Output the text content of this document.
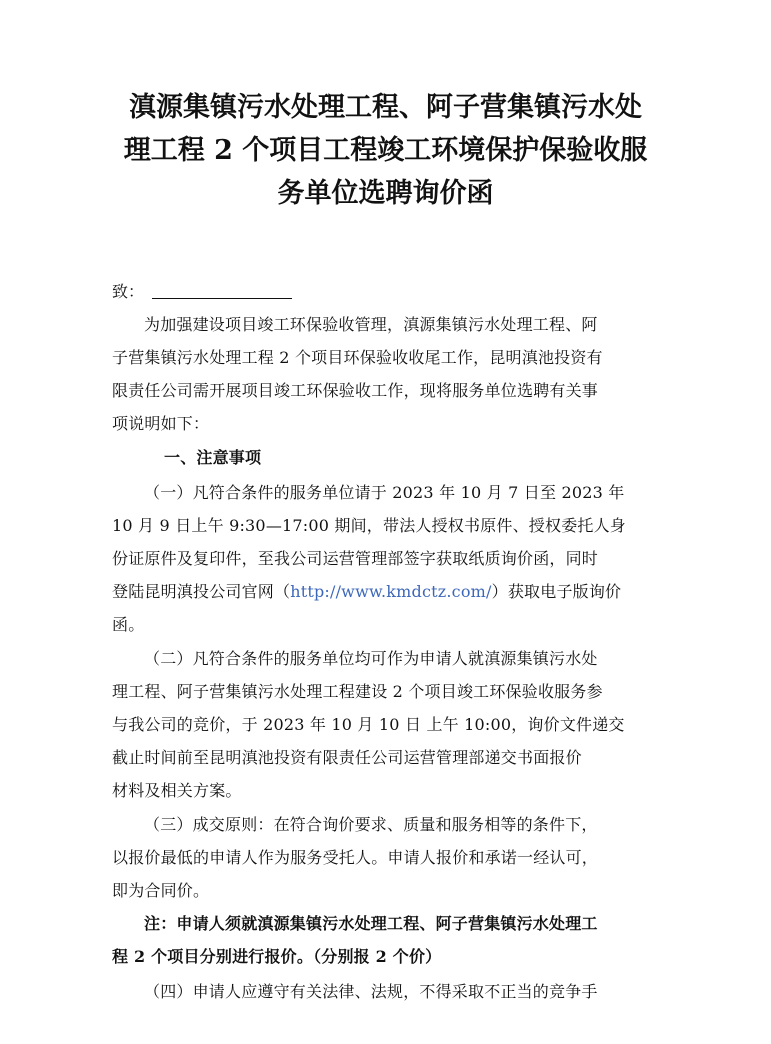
滇源集镇污水处理工程、阿子营集镇污水处
理工程 2 个项目工程竣工环境保护保验收服
务单位选聘询价函
致：
为加强建设项目竣工环保验收管理，滇源集镇污水处理工程、阿
子营集镇污水处理工程 2 个项目环保验收收尾工作，昆明滇池投资有
限责任公司需开展项目竣工环保验收工作，现将服务单位选聘有关事
项说明如下：
一、注意事项
（一）凡符合条件的服务单位请于 2023 年 10 月 7 日至 2023 年
10 月 9 日上午 9:30—17:00 期间，带法人授权书原件、授权委托人身
份证原件及复印件，至我公司运营管理部签字获取纸质询价函，同时
登陆昆明滇投公司官网（http://www.kmdctz.com/）获取电子版询价
函。
（二）凡符合条件的服务单位均可作为申请人就滇源集镇污水处
理工程、阿子营集镇污水处理工程建设 2 个项目竣工环保验收服务参
与我公司的竞价，于 2023 年 10 月 10 日 上午 10:00，询价文件递交
截止时间前至昆明滇池投资有限责任公司运营管理部递交书面报价
材料及相关方案。
（三）成交原则：在符合询价要求、质量和服务相等的条件下，
以报价最低的申请人作为服务受托人。申请人报价和承诺一经认可，
即为合同价。
注：申请人须就滇源集镇污水处理工程、阿子营集镇污水处理工
程 2 个项目分别进行报价。（分别报 2 个价）
（四）申请人应遵守有关法律、法规，不得采取不正当的竞争手
